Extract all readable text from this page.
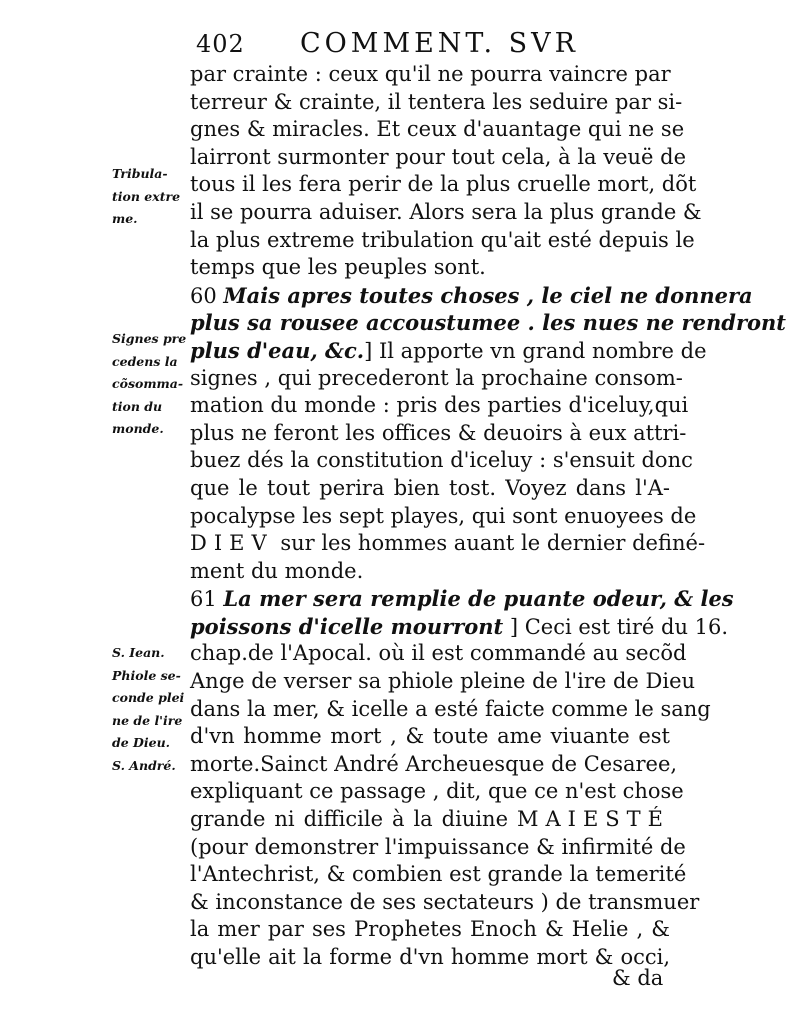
402 COMMENT. SVR
par crainte : ceux qu'il ne pourra vaincre par
terreur & crainte, il tentera les seduire par si-
gnes & miracles. Et ceux d'auantage qui ne se
lairront surmonter pour tout cela, à la veuë de
tous il les fera perir de la plus cruelle mort, dõt
il se pourra aduiser. Alors sera la plus grande &
la plus extreme tribulation qu'ait esté depuis le
temps que les peuples sont.
60 Mais apres toutes choses , le ciel ne donnera
plus sa rousee accoustumee . les nues ne rendront
plus d'eau, &c.] Il apporte vn grand nombre de
signes , qui precederont la prochaine consom-
mation du monde : pris des parties d'iceluy,qui
plus ne feront les offices & deuoirs à eux attri-
buez dés la constitution d'iceluy : s'ensuit donc
que le tout perira bien tost. Voyez dans l'A-
pocalypse les sept playes, qui sont enuoyees de
DIEV sur les hommes auant le dernier definé-
ment du monde.
61 La mer sera remplie de puante odeur, & les
poissons d'icelle mourront ] Ceci est tiré du 16.
chap.de l'Apocal. où il est commandé au secõd
Ange de verser sa phiole pleine de l'ire de Dieu
dans la mer, & icelle a esté faicte comme le sang
d'vn homme mort , & toute ame viuante est
morte.Sainct André Archeuesque de Cesaree,
expliquant ce passage , dit, que ce n'est chose
grande ni difficile à la diuine MAIESTÉ
(pour demonstrer l'impuissance & infirmité de
l'Antechrist, & combien est grande la temerité
& inconstance de ses sectateurs ) de transmuer
la mer par ses Prophetes Enoch & Helie , &
qu'elle ait la forme d'vn homme mort & occi,
Tribula-
tion extre
me.
Signes pre
cedens la
cõsomma-
tion du
monde.
S. Iean.
Phiole se-
conde plei
ne de l'ire
de Dieu.
S. André.
& da
